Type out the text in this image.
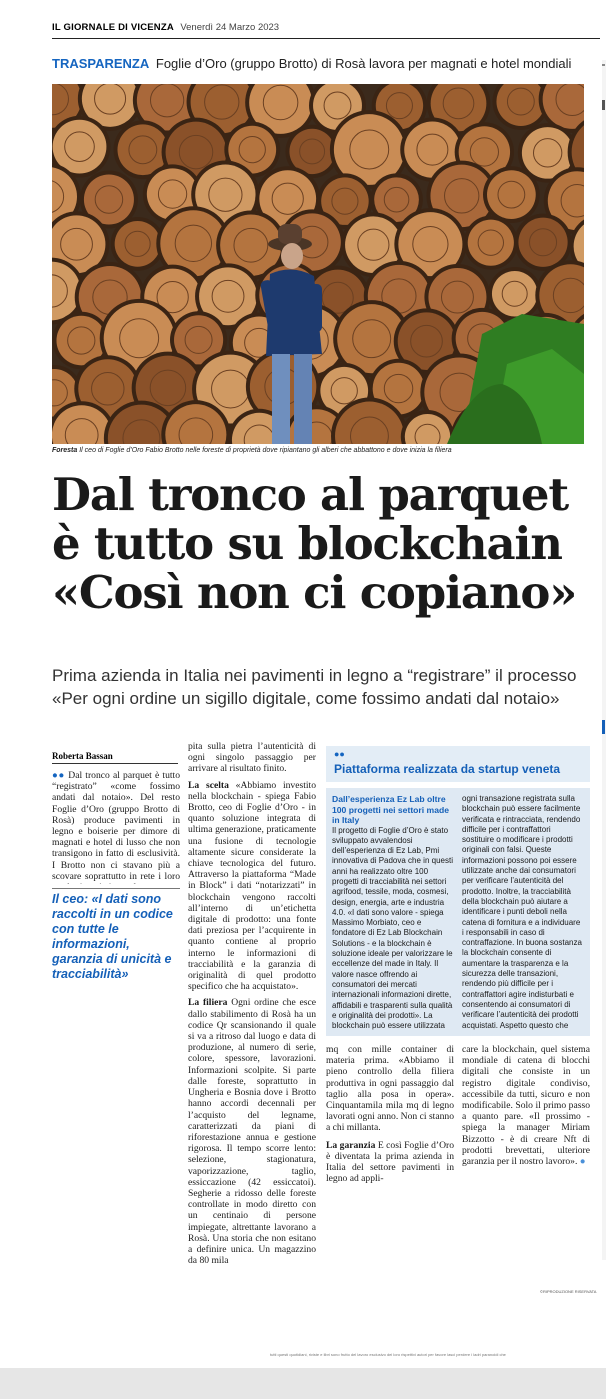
IL GIORNALE DI VICENZA Venerdì 24 Marzo 2023
TRASPARENZA Foglie d’Oro (gruppo Brotto) di Rosà lavora per magnati e hotel mondiali
Foresta Il ceo di Foglie d’Oro Fabio Brotto nelle foreste di proprietà dove ripiantano gli alberi che abbattono e dove inizia la filiera
Dal tronco al parquet
è tutto su blockchain
«Così non ci copiano»
Prima azienda in Italia nei pavimenti in legno a “registrare” il processo
«Per ogni ordine un sigillo digitale, come fossimo andati dal notaio»
Roberta Bassan

●● Dal tronco al parquet è tutto “registrato” «come fossimo andati dal notaio». Del resto Foglie d’Oro (gruppo Brotto di Rosà) produce pavimenti in legno e boiserie per dimore di magnati e hotel di lusso che non transigono in fatto di esclusività. I Brotto non ci stavano più a scovare soprattutto in rete i loro

Il ceo: «I dati sono raccolti in un codice con tutte le informazioni, garanzia di unicità e tracciabilità»

pita sulla pietra l’autenticità di ogni singolo passaggio per arrivare al risultato finito.

La scelta «Abbiamo investito nella blockchain - spiega Fabio Brotto, ceo di Foglie d’Oro - in quanto soluzione integrata di ultima generazione, praticamente una fusione di tecnologie altamente sicure considerate la chiave tecnologica del futuro. Attraverso la piattaforma “Made in Block” i dati “notarizzati” in blockchain vengono raccolti all’interno di un’etichetta digitale di prodotto: una fonte dati preziosa per l’acquirente in quanto contiene al proprio interno le informazioni di tracciabilità e la garanzia di originalità di quel prodotto specifico che ha acquistato».

La filiera Ogni ordine che esce dallo stabilimento di Rosà ha un codice Qr scansionando il quale si va a ritroso dal luogo e data di produzione, al numero di serie, colore, spessore, lavorazioni. Informazioni scolpite. Si parte dalle foreste, soprattutto in Ungheria e Bosnia dove i Brotto hanno accordi decennali per l’acquisto del legname, caratterizzati da piani di riforestazione annua e gestione rigorosa. Il tempo scorre lento: selezione, stagionatura, vaporizzazione, taglio, essiccazione (42 essiccatoi). Segherie a ridosso delle foreste controllate in modo diretto con un centinaio di persone impiegate, altrettante lavorano a Rosà. Una storia che non esitano a definire unica. Un magazzino da 80 mila

●●
Piattaforma realizzata da startup veneta
Dall’esperienza Ez Lab oltre 100 progetti nei settori made in Italy
Il progetto di Foglie d’Oro è stato sviluppato avvalendosi dell’esperienza di Ez Lab, Pmi innovativa di Padova che in questi anni ha realizzato oltre 100 progetti di tracciabilità nei settori agrifood, tessile, moda, cosmesi, design, energia, arte e industria 4.0. «I dati sono valore - spiega Massimo Morbiato, ceo e fondatore di Ez Lab Blockchain Solutions - e la blockchain è soluzione ideale per valorizzare le eccellenze del made in Italy. Il valore nasce offrendo ai consumatori dei mercati internazionali informazioni dirette, affidabili e trasparenti sulla qualità e originalità dei prodotti». La blockchain può essere utilizzata
ogni transazione registrata sulla blockchain può essere facilmente verificata e rintracciata, rendendo difficile per i contraffattori sostituire o modificare i prodotti originali con falsi. Queste informazioni possono poi essere utilizzate anche dai consumatori per verificare l’autenticità del prodotto. Inoltre, la tracciabilità della blockchain può aiutare a identificare i punti deboli nella catena di fornitura e a individuare i responsabili in caso di contraffazione. In buona sostanza la blockchain consente di aumentare la trasparenza e la sicurezza delle transazioni, rendendo più difficile per i contraffattori agire indisturbati e consentendo ai consumatori di verificare l’autenticità dei prodotti acquistati. Aspetto questo che

mq con mille container di materia prima. «Abbiamo il pieno controllo della filiera produttiva in ogni passaggio dal taglio alla posa in opera». Cinquantamila mila mq di legno lavorati ogni anno. Non ci stanno a chi millanta.

La garanzia E così Foglie d’Oro è diventata la prima azienda in Italia del settore pavimenti in legno ad appli-

care la blockchain, quel sistema mondiale di catena di blocchi digitali che consiste in un registro digitale condiviso, accessibile da tutti, sicuro e non modificabile. Solo il primo passo a quanto pare. «Il prossimo - spiega la manager Miriam Bizzotto - è di creare Nft di prodotti brevettati, ulteriore garanzia per il nostro lavoro». ●

©RIPRODUZIONE RISERVATA
tutti questi quotidiani, riviste e libri sono frutto del lavoro esclusivo dei loro rispettivi autori per favore lasci perdere i ladri paranoidi che
